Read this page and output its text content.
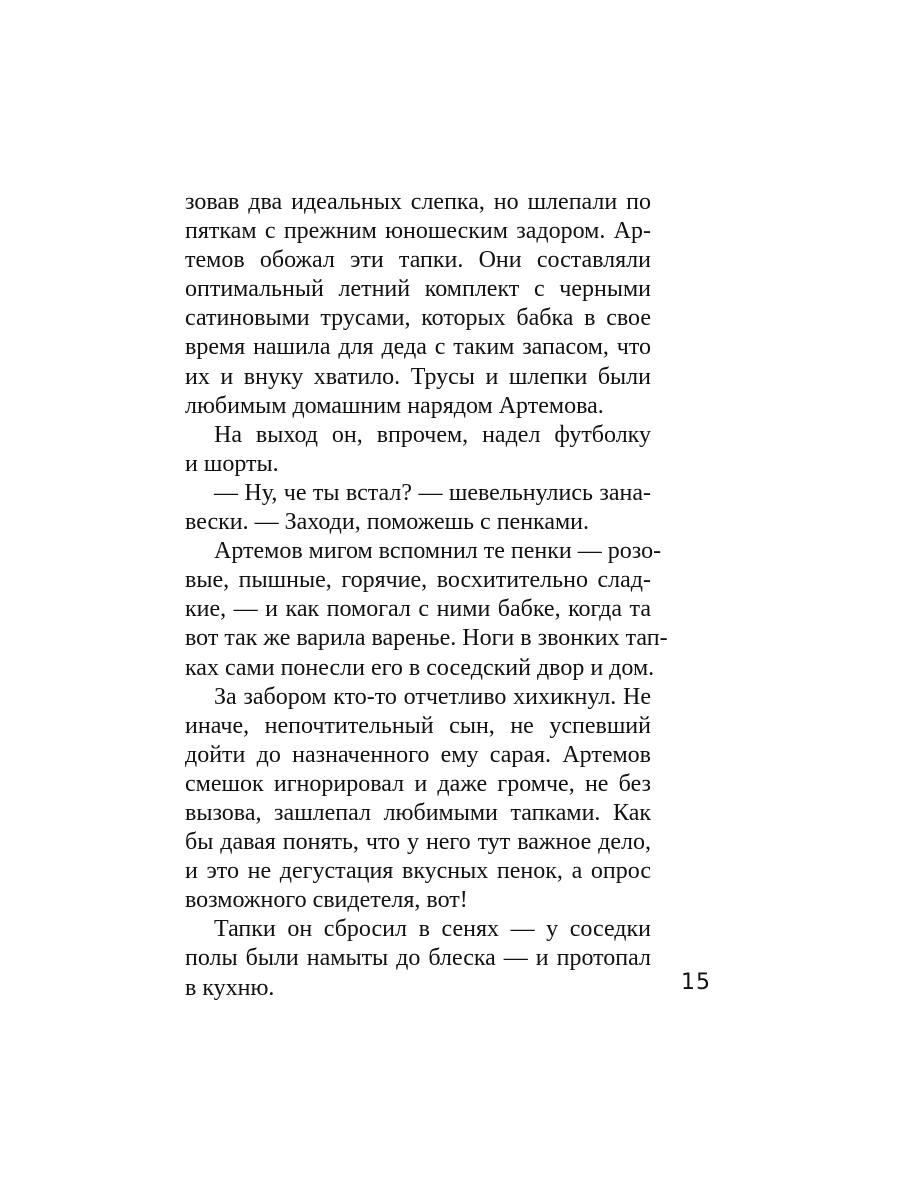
зовав два идеальных слепка, но шлепали по
пяткам с прежним юношеским задором. Ар-
темов обожал эти тапки. Они составляли
оптимальный летний комплект с черными
сатиновыми трусами, которых бабка в свое
время нашила для деда с таким запасом, что
их и внуку хватило. Трусы и шлепки были
любимым домашним нарядом Артемова.
На выход он, впрочем, надел футболку
и шорты.
— Ну, че ты встал? — шевельнулись зана-
вески. — Заходи, поможешь с пенками.
Артемов мигом вспомнил те пенки — розо-
вые, пышные, горячие, восхитительно слад-
кие, — и как помогал с ними бабке, когда та
вот так же варила варенье. Ноги в звонких тап-
ках сами понесли его в соседский двор и дом.
За забором кто-то отчетливо хихикнул. Не
иначе, непочтительный сын, не успевший
дойти до назначенного ему сарая. Артемов
смешок игнорировал и даже громче, не без
вызова, зашлепал любимыми тапками. Как
бы давая понять, что у него тут важное дело,
и это не дегустация вкусных пенок, а опрос
возможного свидетеля, вот!
Тапки он сбросил в сенях — у соседки
полы были намыты до блеска — и протопал
в кухню.	15
